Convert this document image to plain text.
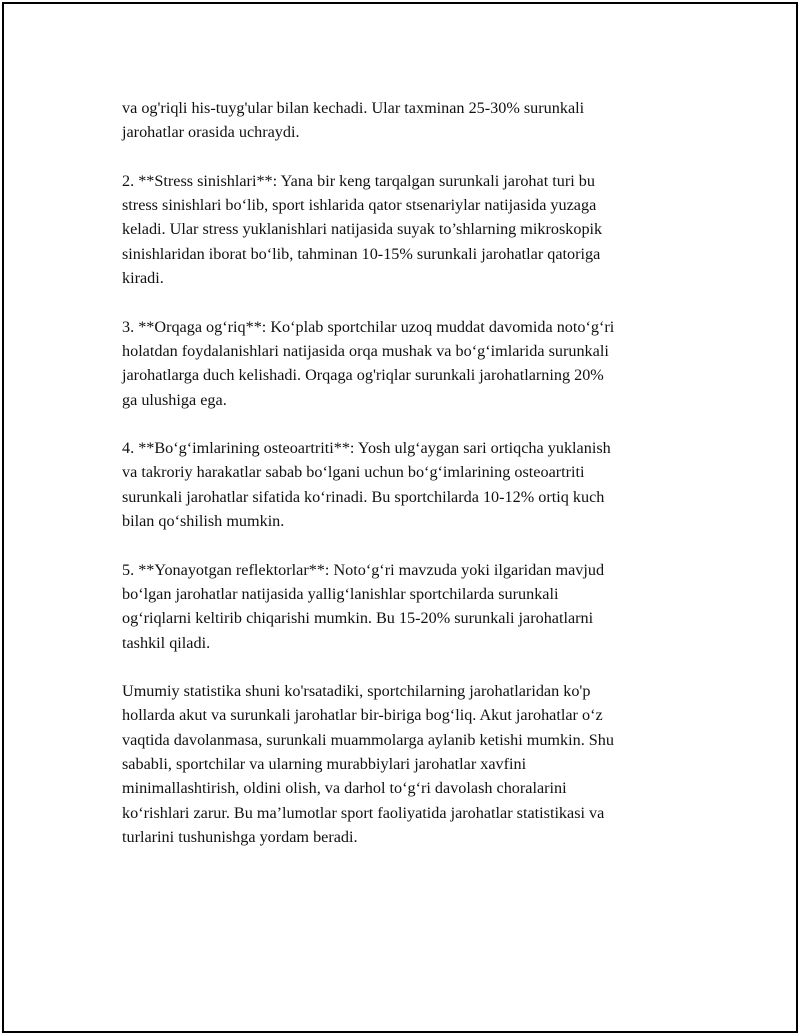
va og'riqli his-tuyg'ular bilan kechadi. Ular taxminan 25-30% surunkali
jarohatlar orasida uchraydi.

2. **Stress sinishlari**: Yana bir keng tarqalgan surunkali jarohat turi bu
stress sinishlari bo‘lib, sport ishlarida qator stsenariylar natijasida yuzaga
keladi. Ular stress yuklanishlari natijasida suyak to’shlarning mikroskopik
sinishlaridan iborat bo‘lib, tahminan 10-15% surunkali jarohatlar qatoriga
kiradi.

3. **Orqaga og‘riq**: Ko‘plab sportchilar uzoq muddat davomida noto‘g‘ri
holatdan foydalanishlari natijasida orqa mushak va bo‘g‘imlarida surunkali
jarohatlarga duch kelishadi. Orqaga og'riqlar surunkali jarohatlarning 20%
ga ulushiga ega.

4. **Bo‘g‘imlarining osteoartriti**: Yosh ulg‘aygan sari ortiqcha yuklanish
va takroriy harakatlar sabab bo‘lgani uchun bo‘g‘imlarining osteoartriti
surunkali jarohatlar sifatida ko‘rinadi. Bu sportchilarda 10-12% ortiq kuch
bilan qo‘shilish mumkin.

5. **Yonayotgan reflektorlar**: Noto‘g‘ri mavzuda yoki ilgaridan mavjud
bo‘lgan jarohatlar natijasida yallig‘lanishlar sportchilarda surunkali
og‘riqlarni keltirib chiqarishi mumkin. Bu 15-20% surunkali jarohatlarni
tashkil qiladi.

Umumiy statistika shuni ko'rsatadiki, sportchilarning jarohatlaridan ko'p
hollarda akut va surunkali jarohatlar bir-biriga bog‘liq. Akut jarohatlar o‘z
vaqtida davolanmasa, surunkali muammolarga aylanib ketishi mumkin. Shu
sababli, sportchilar va ularning murabbiylari jarohatlar xavfini
minimallashtirish, oldini olish, va darhol to‘g‘ri davolash choralarini
ko‘rishlari zarur. Bu ma’lumotlar sport faoliyatida jarohatlar statistikasi va
turlarini tushunishga yordam beradi.
